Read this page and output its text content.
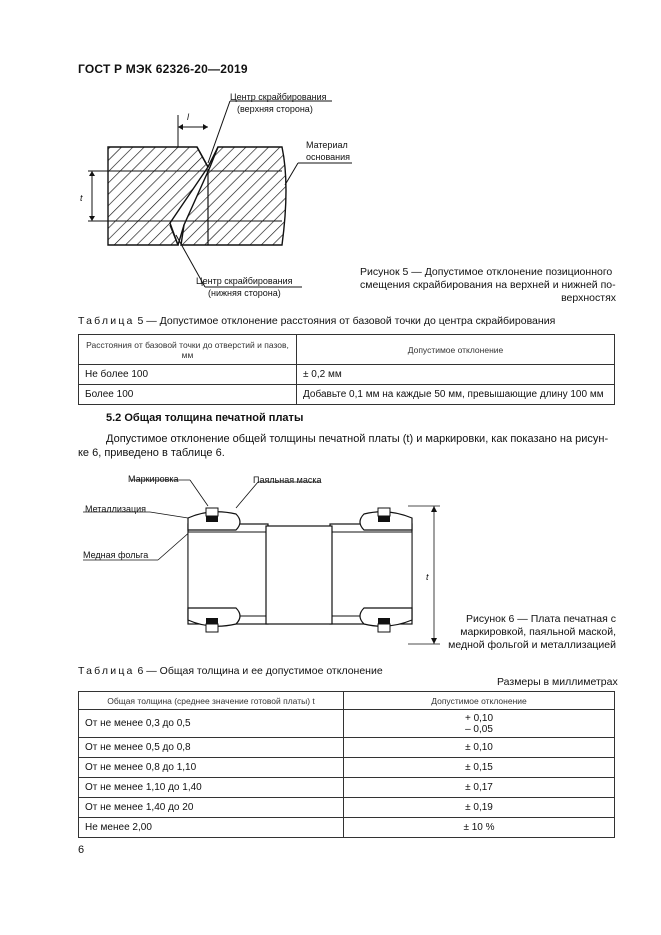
ГОСТ Р МЭК 62326-20—2019
Центр скрайбирования
(верхняя сторона)
l
Материал
основания
t
Центр скрайбирования
(нижняя сторона)
Рисунок 5 — Допустимое отклонение позиционного
смещения скрайбирования на верхней и нижней по-
верхностях
Таблица 5 — Допустимое отклонение расстояния от базовой точки до центра скрайбирования
Расстояния от базовой точки до отверстий и пазов, мм	Допустимое отклонение
Не более 100	± 0,2 мм
Более 100	Добавьте 0,1 мм на каждые 50 мм, превышающие длину 100 мм
5.2 Общая толщина печатной платы
Допустимое отклонение общей толщины печатной платы (t) и маркировки, как показано на рисун-
ке 6, приведено в таблице 6.
Маркировка	Паяльная маска
Металлизация
Медная фольга
t
Рисунок 6 — Плата печатная с
маркировкой, паяльной маской,
медной фольгой и металлизацией
Таблица 6 — Общая толщина и ее допустимое отклонение
Размеры в миллиметрах
Общая толщина (среднее значение готовой платы) t	Допустимое отклонение
От не менее 0,3 до 0,5	+ 0,10
– 0,05

От не менее 0,5 до 0,8	± 0,10
От не менее 0,8 до 1,10	± 0,15
От не менее 1,10 до 1,40	± 0,17
От не менее 1,40 до 20	± 0,19
Не менее 2,00	± 10 %
6
